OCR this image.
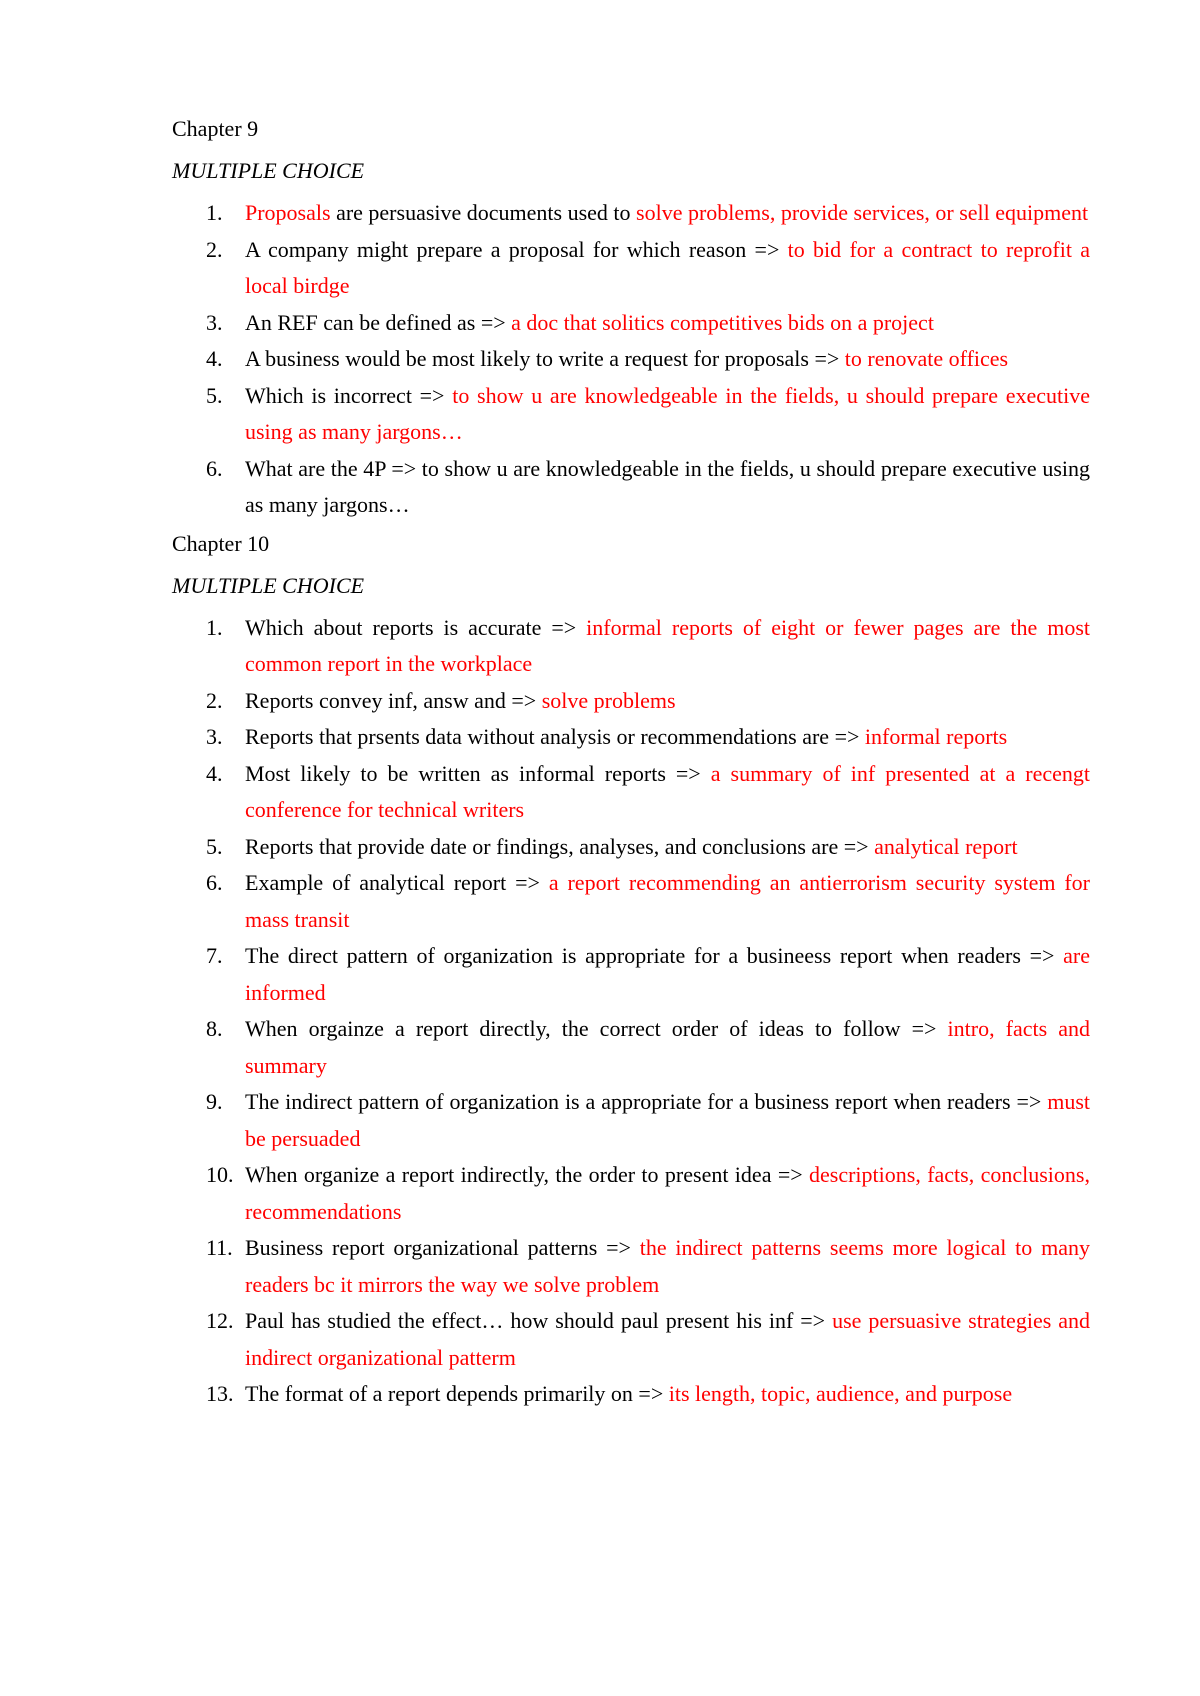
Chapter 9
MULTIPLE CHOICE
1. Proposals are persuasive documents used to solve problems, provide services, or sell equipment
2. A company might prepare a proposal for which reason => to bid for a contract to reprofit a local birdge
3. An REF can be defined as => a doc that solitics competitives bids on a project
4. A business would be most likely to write a request for proposals => to renovate offices
5. Which is incorrect => to show u are knowledgeable in the fields, u should prepare executive using as many jargons…
6. What are the 4P => to show u are knowledgeable in the fields, u should prepare executive using as many jargons…
Chapter 10
MULTIPLE CHOICE
1. Which about reports is accurate => informal reports of eight or fewer pages are the most common report in the workplace
2. Reports convey inf, answ and => solve problems
3. Reports that prsents data without analysis or recommendations are => informal reports
4. Most likely to be written as informal reports => a summary of inf presented at a recengt conference for technical writers
5. Reports that provide date or findings, analyses, and conclusions are => analytical report
6. Example of analytical report => a report recommending an antierrorism security system for mass transit
7. The direct pattern of organization is appropriate for a busineess report when readers => are informed
8. When orgainze a report directly, the correct order of ideas to follow => intro, facts and summary
9. The indirect pattern of organization is a appropriate for a business report when readers => must be persuaded
10. When organize a report indirectly, the order to present idea => descriptions, facts, conclusions, recommendations
11. Business report organizational patterns => the indirect patterns seems more logical to many readers bc it mirrors the way we solve problem
12. Paul has studied the effect… how should paul present his inf => use persuasive strategies and indirect organizational patterm
13. The format of a report depends primarily on => its length, topic, audience, and purpose
